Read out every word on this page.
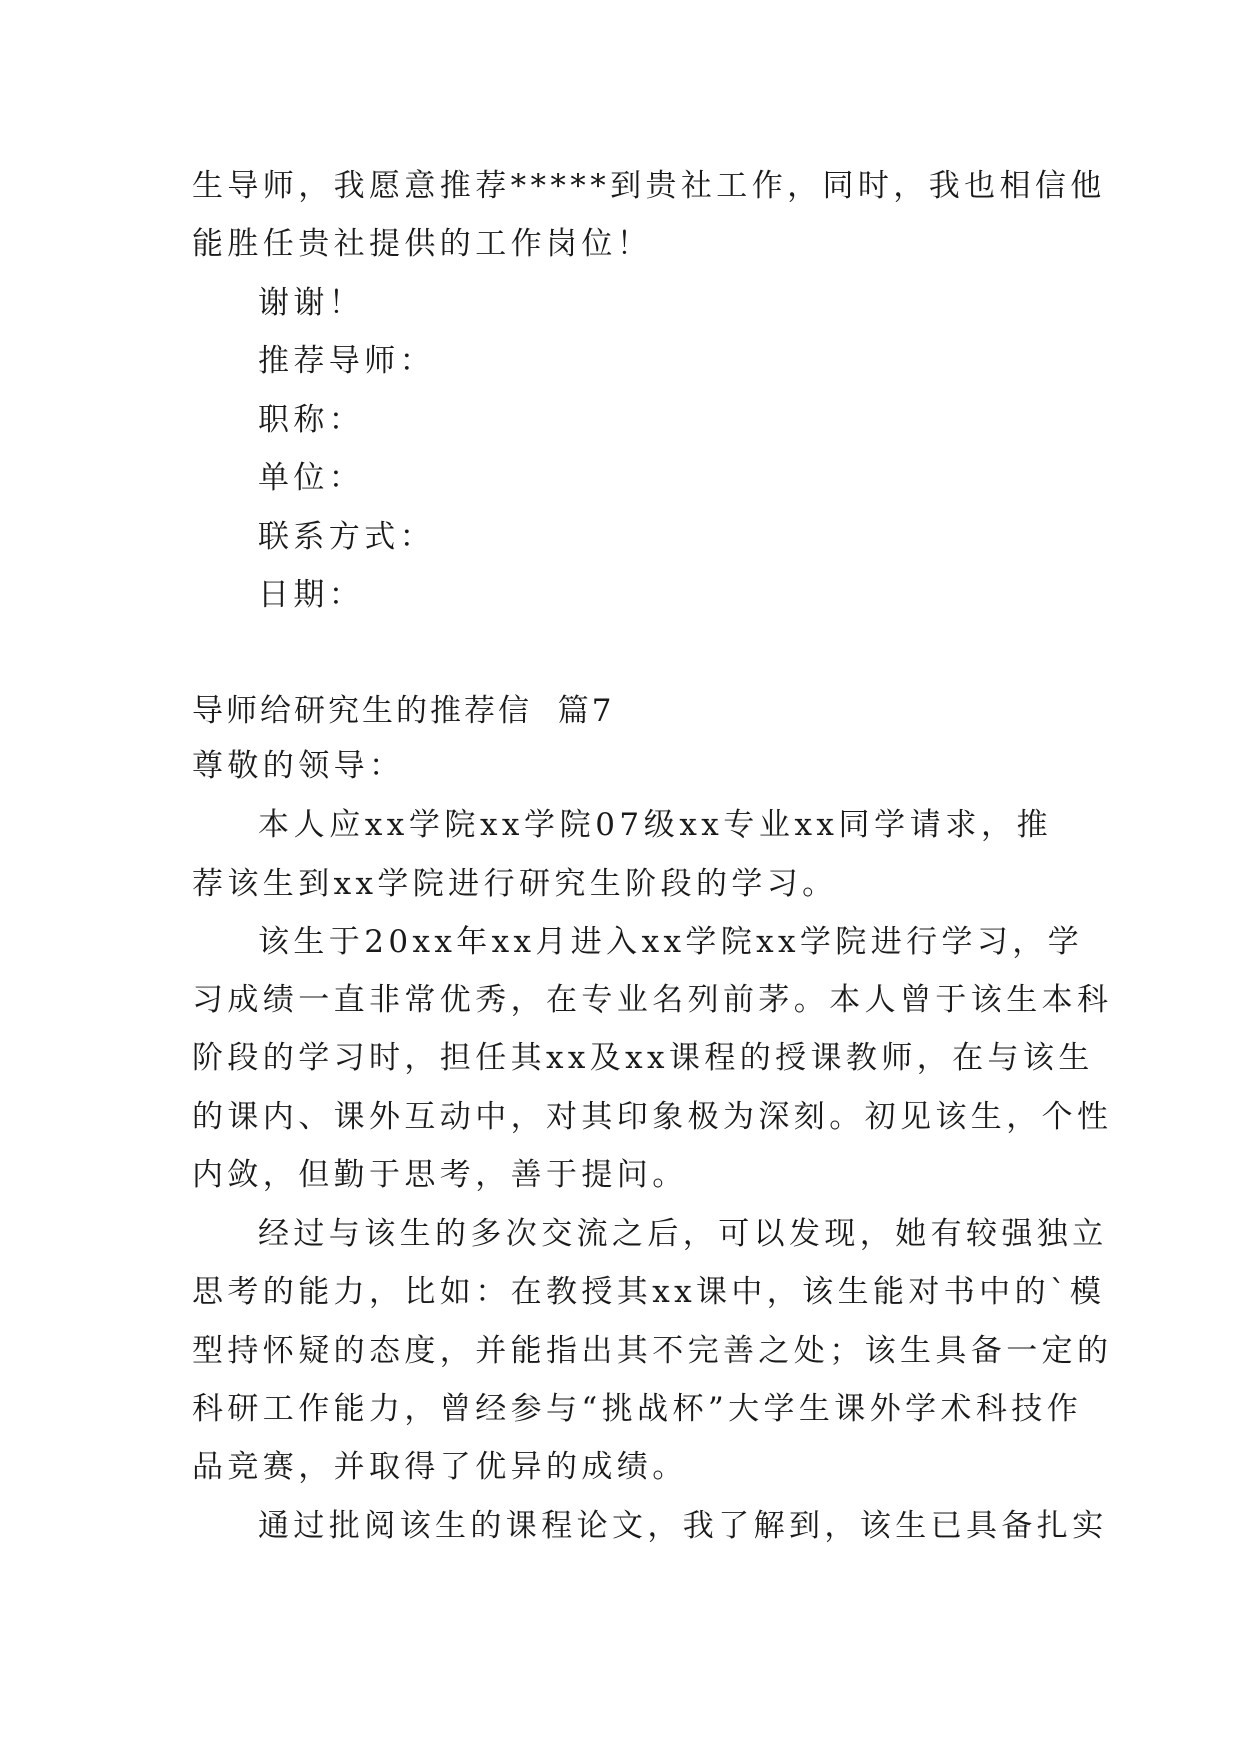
生导师，我愿意推荐*****到贵社工作，同时，我也相信他
能胜任贵社提供的工作岗位！
谢谢！
推荐导师：
职称：
单位：
联系方式：
日期：
导师给研究生的推荐信  篇7
尊敬的领导：
本人应xx学院xx学院07级xx专业xx同学请求，推
荐该生到xx学院进行研究生阶段的学习。
该生于20xx年xx月进入xx学院xx学院进行学习，学
习成绩一直非常优秀，在专业名列前茅。本人曾于该生本科
阶段的学习时，担任其xx及xx课程的授课教师，在与该生
的课内、课外互动中，对其印象极为深刻。初见该生，个性
内敛，但勤于思考，善于提问。
经过与该生的多次交流之后，可以发现，她有较强独立
思考的能力，比如：在教授其xx课中，该生能对书中的`模
型持怀疑的态度，并能指出其不完善之处；该生具备一定的
科研工作能力，曾经参与“挑战杯”大学生课外学术科技作
品竞赛，并取得了优异的成绩。
通过批阅该生的课程论文，我了解到，该生已具备扎实
